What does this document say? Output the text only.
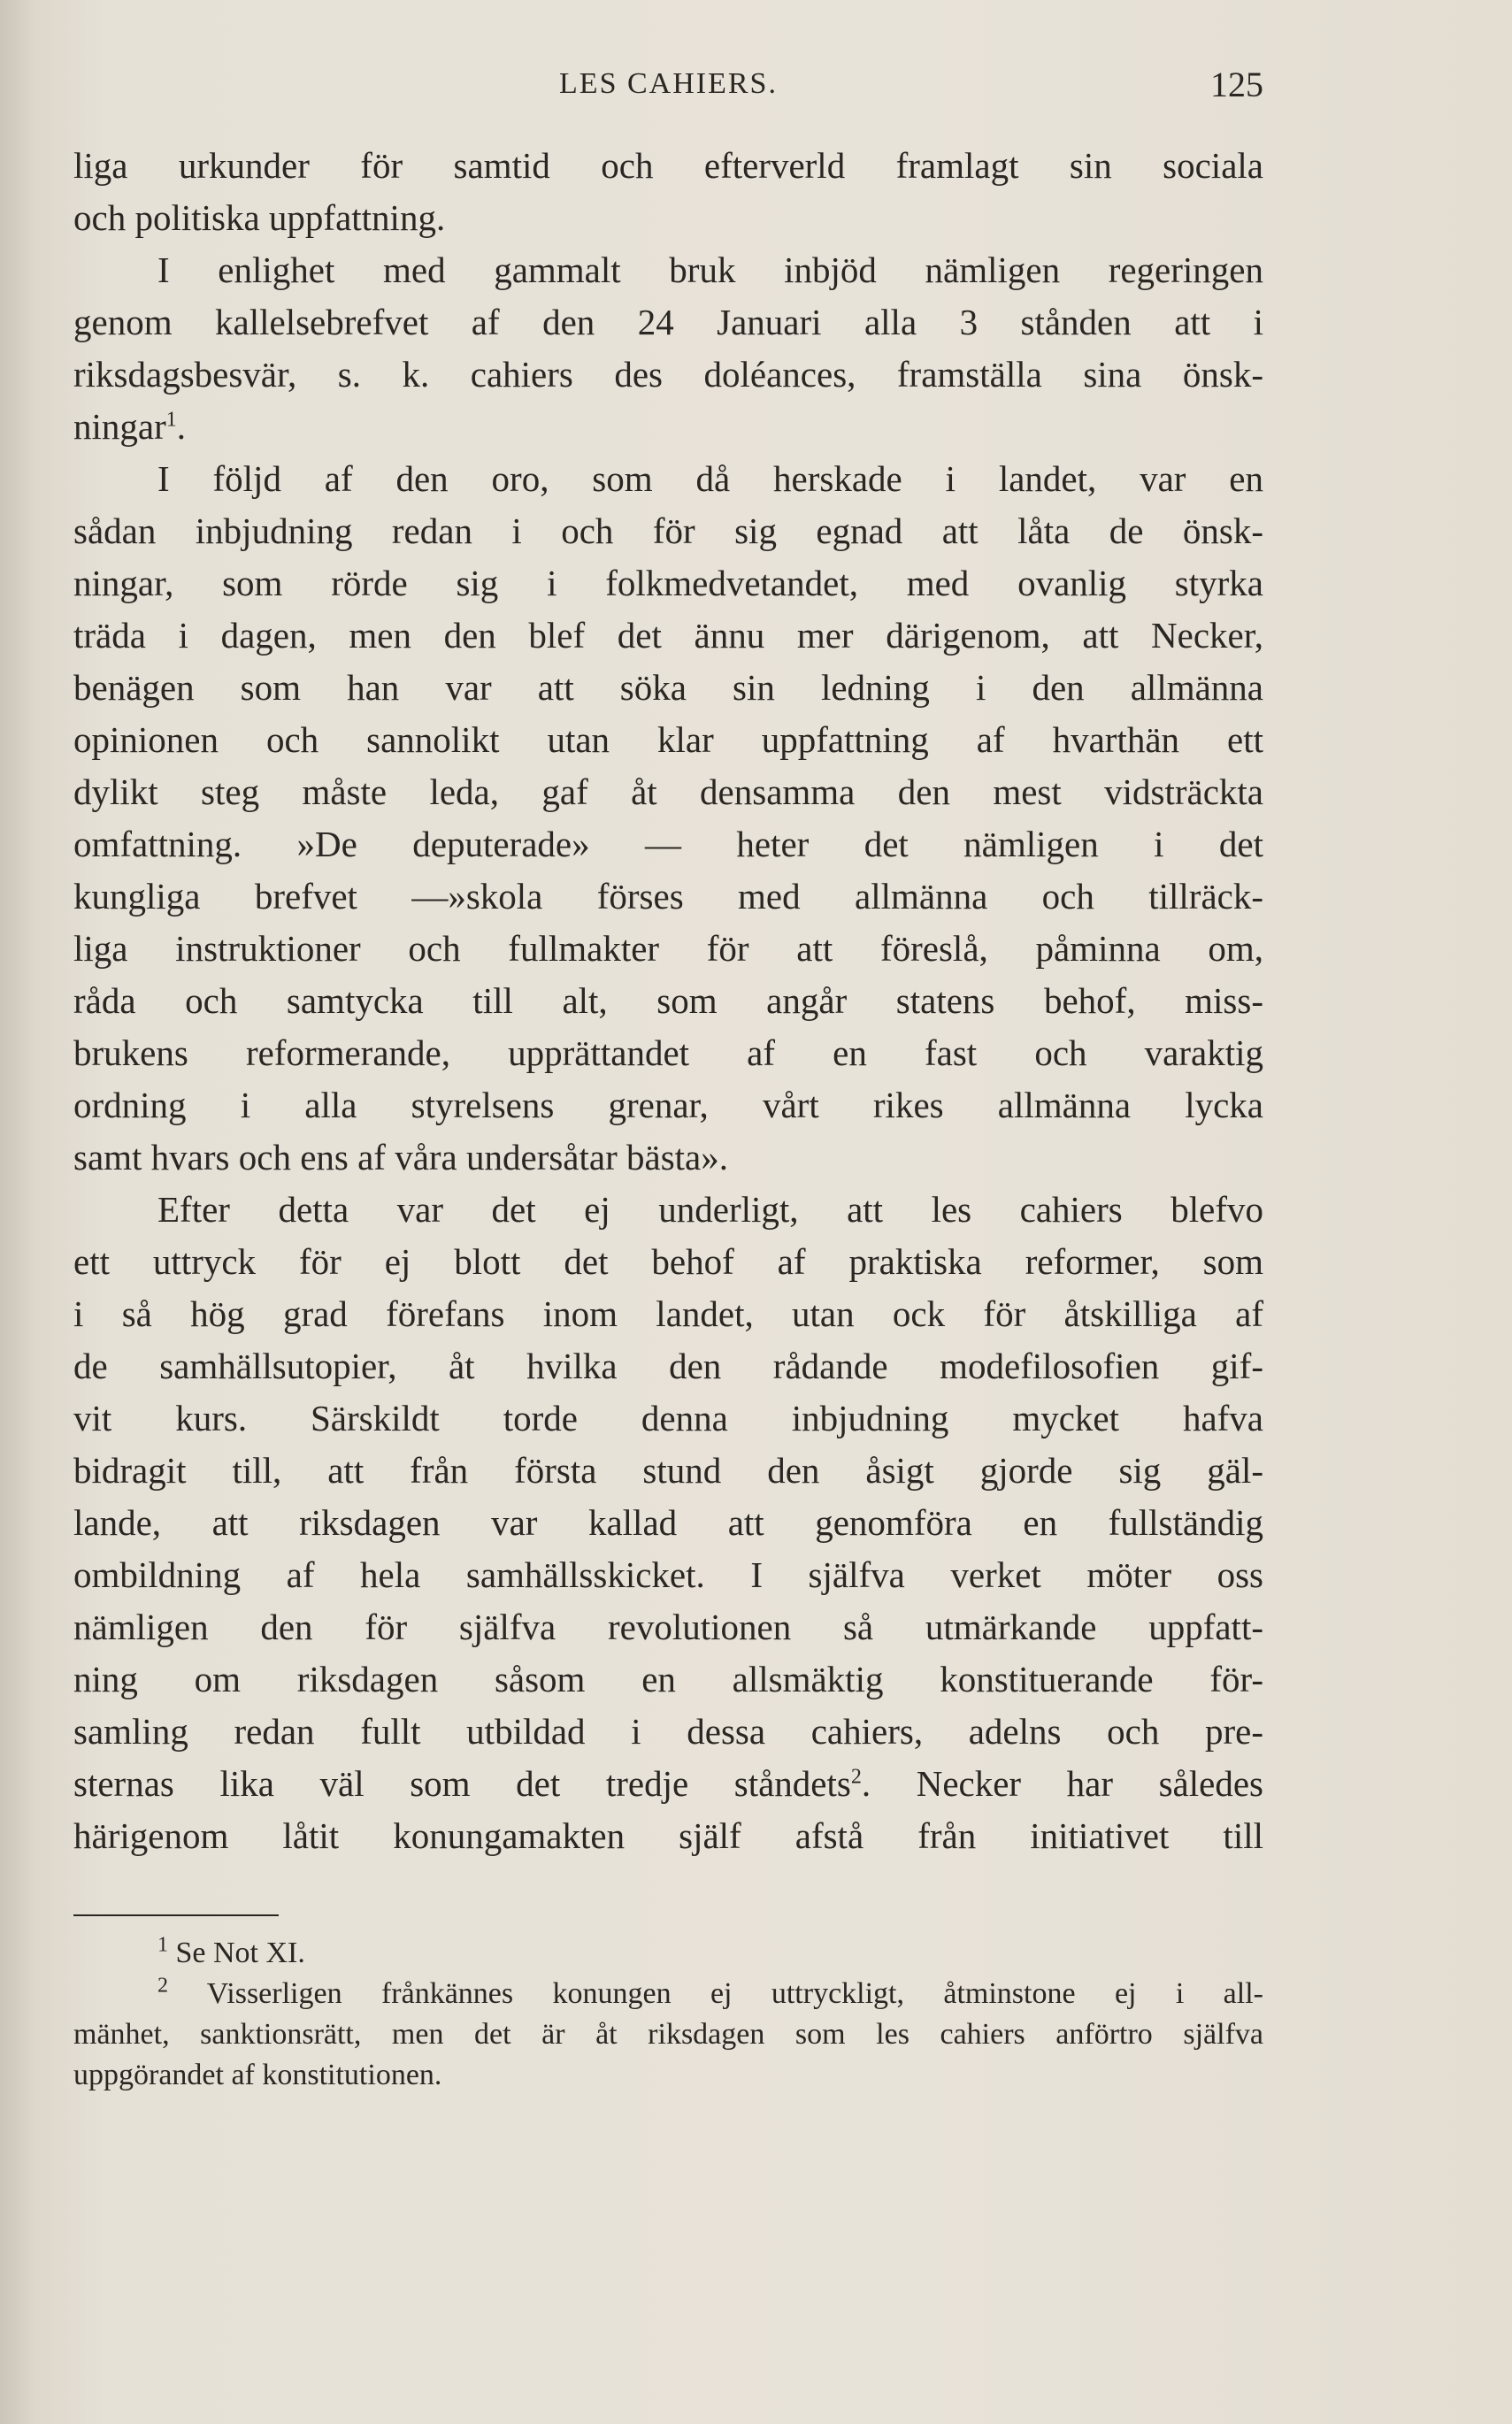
LES CAHIERS.	125
liga urkunder för samtid och efterverld framlagt sin sociala
och politiska uppfattning.
I enlighet med gammalt bruk inbjöd nämligen regeringen
genom kallelsebrefvet af den 24 Januari alla 3 stånden att i
riksdagsbesvär, s. k. cahiers des doléances, framställa sina önsk-
ningar$^1$.
I följd af den oro, som då herskade i landet, var en
sådan inbjudning redan i och för sig egnad att låta de önsk-
ningar, som rörde sig i folkmedvetandet, med ovanlig styrka
träda i dagen, men den blef det ännu mer därigenom, att Necker,
benägen som han var att söka sin ledning i den allmänna
opinionen och sannolikt utan klar uppfattning af hvarthän ett
dylikt steg måste leda, gaf åt densamma den mest vidsträckta
omfattning. »De deputerade» — heter det nämligen i det
kungliga brefvet —»skola förses med allmänna och tillräck-
liga instruktioner och fullmakter för att föreslå, påminna om,
råda och samtycka till alt, som angår statens behof, miss-
brukens reformerande, upprättandet af en fast och varaktig
ordning i alla styrelsens grenar, vårt rikes allmänna lycka
samt hvars och ens af våra undersåtar bästa».
Efter detta var det ej underligt, att les cahiers blefvo
ett uttryck för ej blott det behof af praktiska reformer, som
i så hög grad förefans inom landet, utan ock för åtskilliga af
de samhällsutopier, åt hvilka den rådande modefilosofien gif-
vit kurs. Särskildt torde denna inbjudning mycket hafva
bidragit till, att från första stund den åsigt gjorde sig gäl-
lande, att riksdagen var kallad att genomföra en fullständig
ombildning af hela samhällsskicket. I själfva verket möter oss
nämligen den för själfva revolutionen så utmärkande uppfatt-
ning om riksdagen såsom en allsmäktig konstituerande för-
samling redan fullt utbildad i dessa cahiers, adelns och pre-
sternas lika väl som det tredje ståndets$^2$. Necker har således
härigenom låtit konungamakten själf afstå från initiativet till
$^1$ Se Not XI.
$^2$ Visserligen frånkännes konungen ej uttryckligt, åtminstone ej i all-
mänhet, sanktionsrätt, men det är åt riksdagen som les cahiers anförtro själfva
uppgörandet af konstitutionen.
